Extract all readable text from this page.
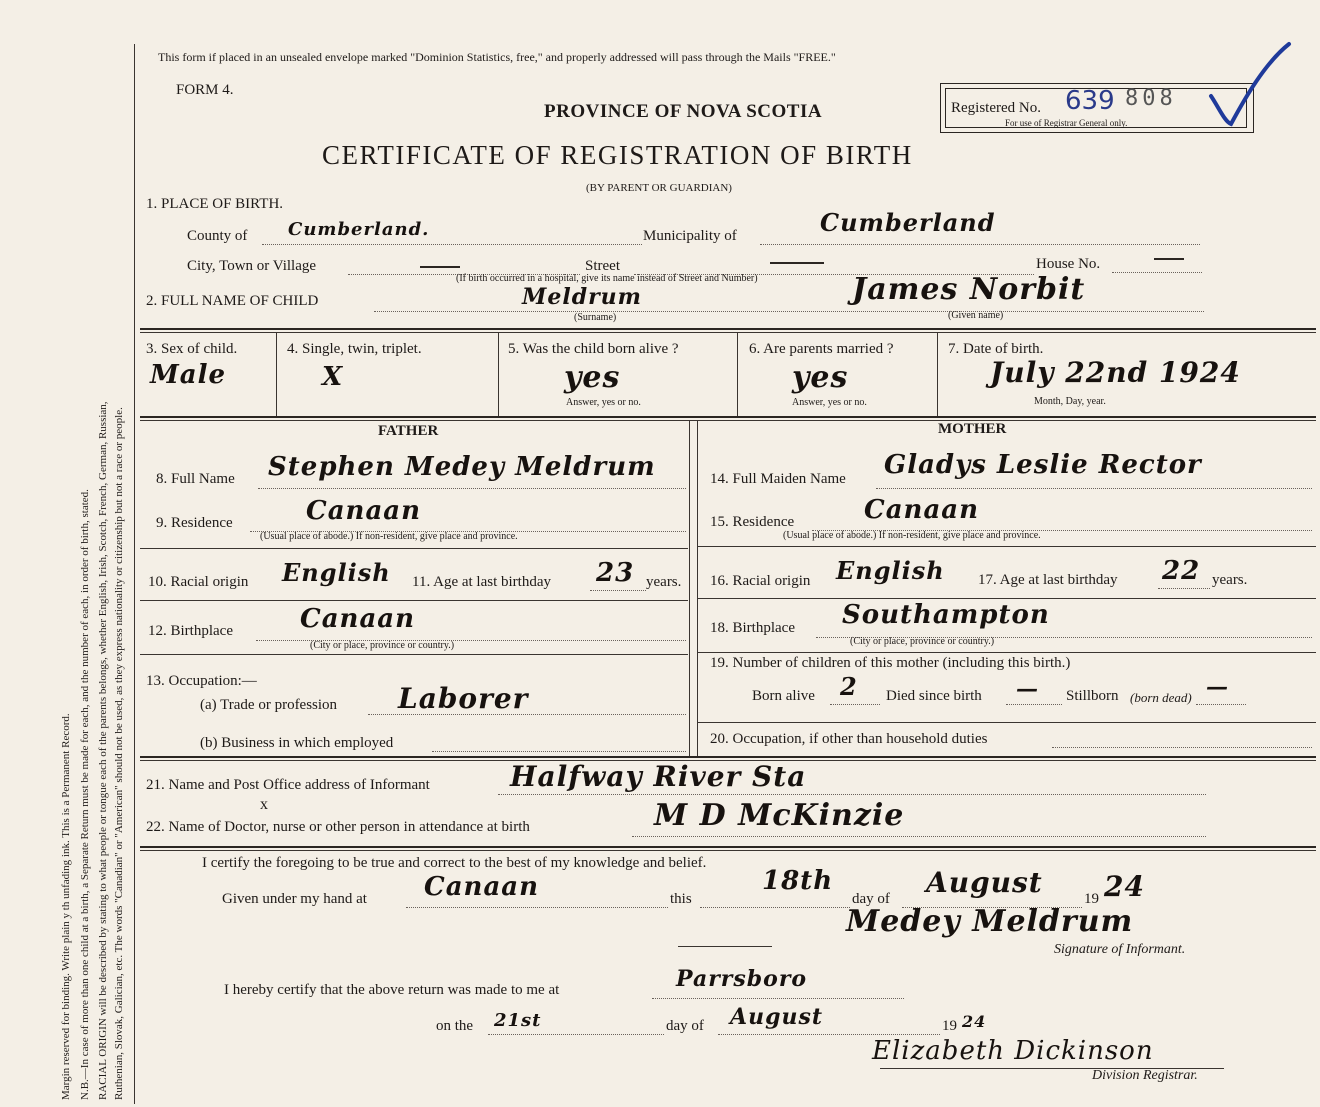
Margin reserved for binding. Write plain y th unfading ink. This is a Permanent Record. N.B.—In case of more than one child at a birth, a Separate Return must be made for each, and the number of each, in order of birth, stated. RACIAL ORIGIN will be described by stating to what people or tongue each of the parents belongs, whether English, Irish, Scotch, French, German, Russian, Ruthenian, Slovak, Galician, etc. The words "Canadian" or "American" should not be used, as they express nationality or citizenship but not a race or people.
This form if placed in an unsealed envelope marked "Dominion Statistics, free," and properly addressed will pass through the Mails "FREE."
FORM 4.
PROVINCE OF NOVA SCOTIA	Registered No. 639 808
For use of Registrar General only.
CERTIFICATE OF REGISTRATION OF BIRTH
(BY PARENT OR GUARDIAN)
1. PLACE OF BIRTH.
County of Cumberland.	Municipality of	Cumberland
City, Town or Village	Street	House No.
(If birth occurred in a hospital, give its name instead of Street and Number)
2. FULL NAME OF CHILD	Meldrum	James Norbit
(Surname)	(Given name)
3. Sex of child.
Male
4. Single, twin, triplet.
X
5. Was the child born alive ?
yes
Answer, yes or no.
6. Are parents married ?
yes
Answer, yes or no.
7. Date of birth.
July 22nd 1924
Month, Day, year.
FATHER	MOTHER
8. Full Name Stephen Medey Meldrum
9. Residence	Canaan
(Usual place of abode.) If non-resident, give place and province.
10. Racial origin English 11. Age at last birthday 23 years.
12. Birthplace	Canaan
(City or place, province or country.)
13. Occupation:—
(a) Trade or profession Laborer
(b) Business in which employed
14. Full Maiden Name Gladys Leslie Rector
15. Residence	Canaan
(Usual place of abode.) If non-resident, give place and province.
16. Racial origin English 17. Age at last birthday 22 years.
18. Birthplace Southampton
(City or place, province or country.)
19. Number of children of this mother (including this birth.)
Born alive 2 Died since birth — Stillborn (born dead) —
20. Occupation, if other than household duties
21. Name and Post Office address of Informant	Halfway River Sta
22. Name of Doctor, nurse or other person in attendance at birth
x	M D McKinzie
I certify the foregoing to be true and correct to the best of my knowledge and belief.
Given under my hand at Canaan	this
18th
day of August	19 24
Medey Meldrum
Signature of Informant.
I hereby certify that the above return was made to me at	Parrsboro
on the 21st	day of August	19 24
Elizabeth Dickinson
Division Registrar.
